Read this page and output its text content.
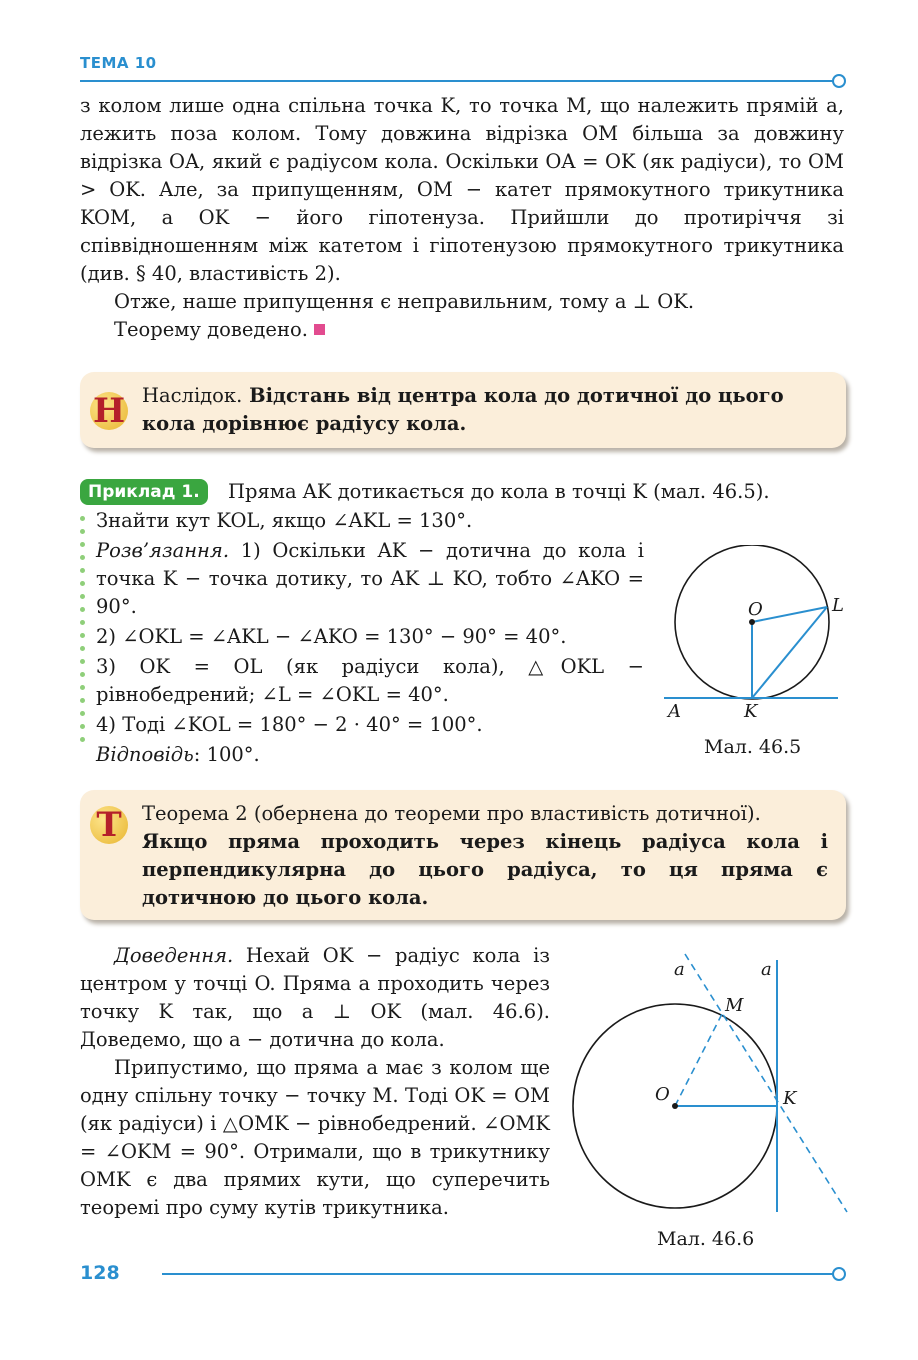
ТЕМА 10

з колом лише одна спільна точка K, то точка M, що належить прямій a, лежить поза колом. Тому довжина відрізка OM більша за довжину відрізка OA, який є радіусом кола. Оскільки OA = OK (як радіуси), то OM > OK. Але, за припущенням, OM − катет прямокутного трикутника KOM, а OK − його гіпотенуза. Прийшли до протиріччя зі співвідношенням між катетом і гіпотенузою прямокутного трикутника (див. § 40, властивість 2).

Отже, наше припущення є неправильним, тому a ⊥ OK.

Теорему доведено.

Н Наслідок. Відстань від центра кола до дотичної до цього кола дорівнює радіусу кола.
Приклад 1.	Пряма AK дотикається до кола в точці K (мал. 46.5).
Знайти кут KOL, якщо ∠AKL = 130°.

Розв’язання. 1) Оскільки AK − дотична до кола і точка K − точка дотику, то AK ⊥ KO, тобто ∠AKO = 90°.

2) ∠OKL = ∠AKL − ∠AKO = 130° − 90° = 40°.

3) OK = OL (як радіуси кола), △OKL − рівнобедрений; ∠L = ∠OKL = 40°.

4) Тоді ∠KOL = 180° − 2 · 40° = 100°.

Відповідь: 100°.

O	L
A	K
Мал. 46.5
Т	Теорема 2 (обернена до теореми про властивість дотичної).
Якщо пряма проходить через кінець радіуса кола і перпендикулярна до цього радіуса, то ця пряма є дотичною до цього кола.

Доведення. Нехай OK − радіус кола із центром у точці O. Пряма a проходить через точку K так, що a ⊥ OK (мал. 46.6). Доведемо, що a − дотична до кола.

Припустимо, що пряма a має з колом ще одну спільну точку − точку M. Тоді OK = OM (як радіуси) і △OMK − рівнобедрений. ∠OMK = ∠OKM = 90°. Отримали, що в трикутнику OMK є два прямих кути, що суперечить теоремі про суму кутів трикутника.

a	a
M
O	K
Мал. 46.6
128
